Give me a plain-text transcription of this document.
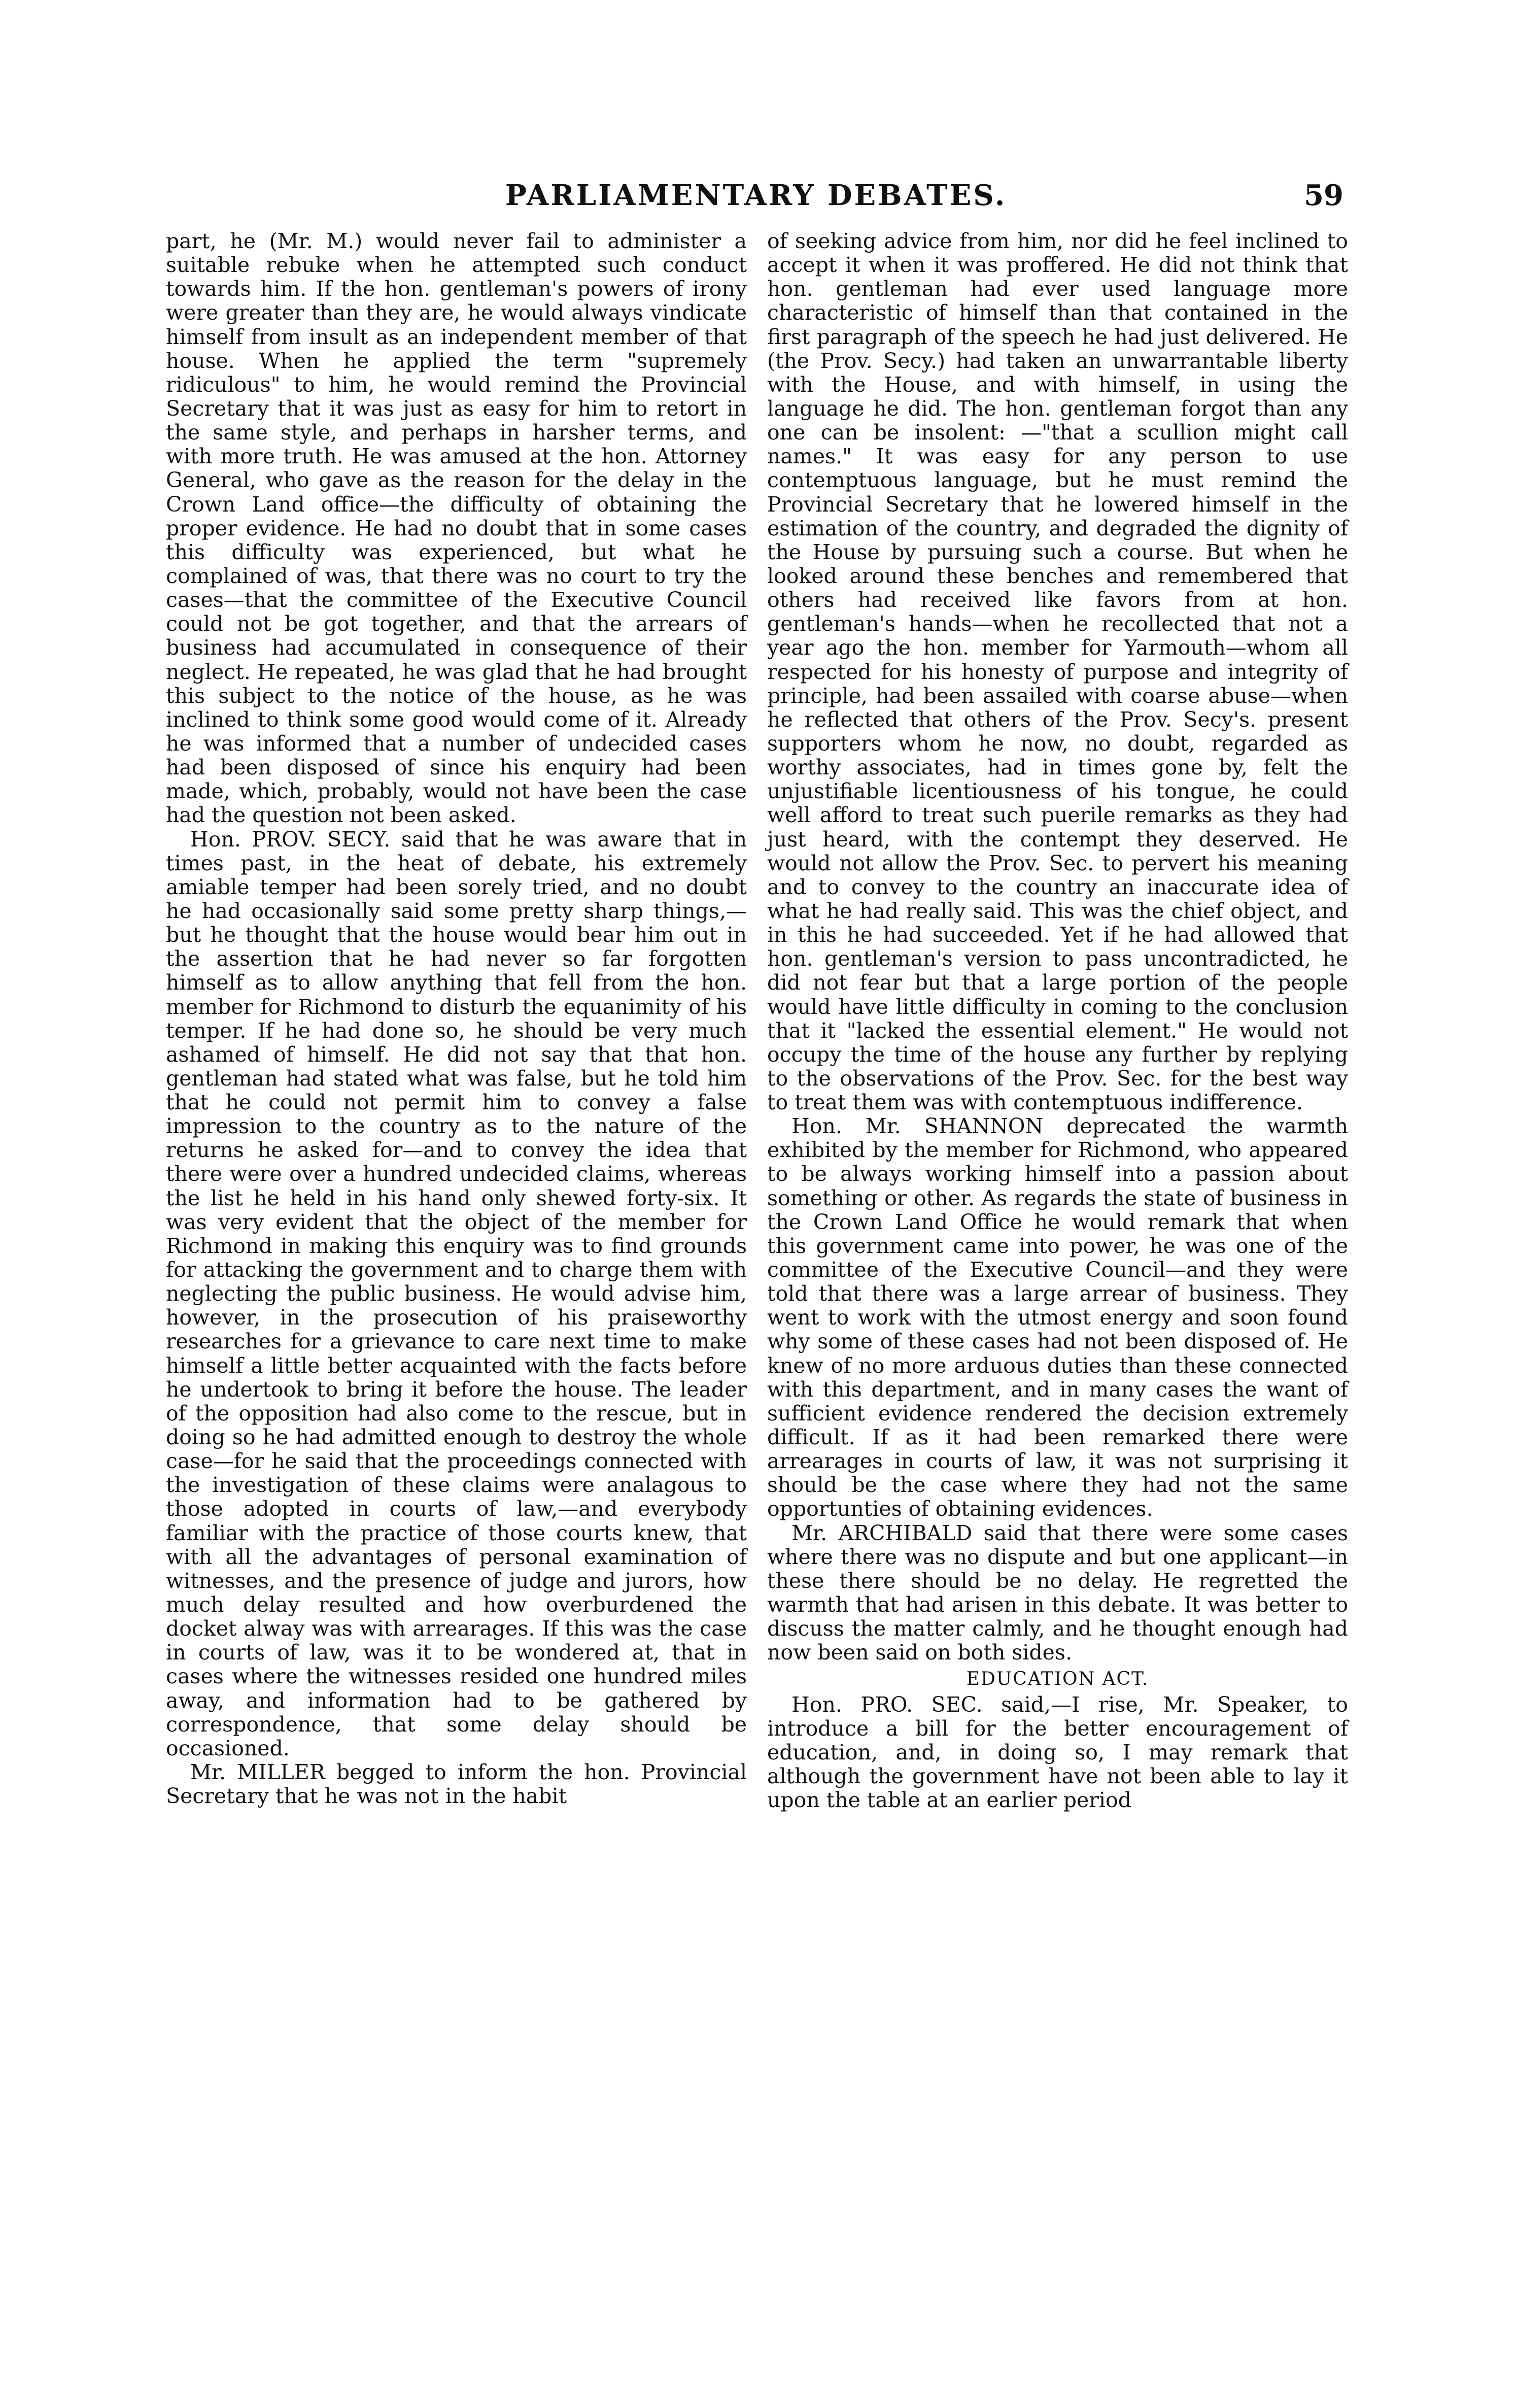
PARLIAMENTARY DEBATES.	59

part, he (Mr. M.) would never fail to administer a suitable rebuke when he attempted such conduct towards him. If the hon. gentleman's powers of irony were greater than they are, he would always vindicate himself from insult as an independent member of that house. When he applied the term "supremely ridiculous" to him, he would remind the Provincial Secretary that it was just as easy for him to retort in the same style, and perhaps in harsher terms, and with more truth. He was amused at the hon. Attorney General, who gave as the reason for the delay in the Crown Land office—the difficulty of obtaining the proper evidence. He had no doubt that in some cases this difficulty was experienced, but what he complained of was, that there was no court to try the cases—that the committee of the Executive Council could not be got together, and that the arrears of business had accumulated in consequence of their neglect. He repeated, he was glad that he had brought this subject to the notice of the house, as he was inclined to think some good would come of it. Already he was informed that a number of undecided cases had been disposed of since his enquiry had been made, which, probably, would not have been the case had the question not been asked.

Hon. PROV. SECY. said that he was aware that in times past, in the heat of debate, his extremely amiable temper had been sorely tried, and no doubt he had occasionally said some pretty sharp things,—but he thought that the house would bear him out in the assertion that he had never so far forgotten himself as to allow anything that fell from the hon. member for Richmond to disturb the equanimity of his temper. If he had done so, he should be very much ashamed of himself. He did not say that that hon. gentleman had stated what was false, but he told him that he could not permit him to convey a false impression to the country as to the nature of the returns he asked for—and to convey the idea that there were over a hundred undecided claims, whereas the list he held in his hand only shewed forty-six. It was very evident that the object of the member for Richmond in making this enquiry was to find grounds for attacking the government and to charge them with neglecting the public business. He would advise him, however, in the prosecution of his praiseworthy researches for a grievance to care next time to make himself a little better acquainted with the facts before he undertook to bring it before the house. The leader of the opposition had also come to the rescue, but in doing so he had admitted enough to destroy the whole case—for he said that the proceedings connected with the investigation of these claims were analagous to those adopted in courts of law,—and everybody familiar with the practice of those courts knew, that with all the advantages of personal examination of witnesses, and the presence of judge and jurors, how much delay resulted and how overburdened the docket alway was with arrearages. If this was the case in courts of law, was it to be wondered at, that in cases where the witnesses resided one hundred miles away, and information had to be gathered by correspondence, that some delay should be occasioned.

Mr. MILLER begged to inform the hon. Provincial Secretary that he was not in the habit

of seeking advice from him, nor did he feel inclined to accept it when it was proffered. He did not think that hon. gentleman had ever used language more characteristic of himself than that contained in the first paragraph of the speech he had just delivered. He (the Prov. Secy.) had taken an unwarrantable liberty with the House, and with himself, in using the language he did. The hon. gentleman forgot than any one can be insolent: —"that a scullion might call names." It was easy for any person to use contemptuous language, but he must remind the Provincial Secretary that he lowered himself in the estimation of the country, and degraded the dignity of the House by pursuing such a course. But when he looked around these benches and remembered that others had received like favors from at hon. gentleman's hands—when he recollected that not a year ago the hon. member for Yarmouth—whom all respected for his honesty of purpose and integrity of principle, had been assailed with coarse abuse—when he reflected that others of the Prov. Secy's. present supporters whom he now, no doubt, regarded as worthy associates, had in times gone by, felt the unjustifiable licentiousness of his tongue, he could well afford to treat such puerile remarks as they had just heard, with the contempt they deserved. He would not allow the Prov. Sec. to pervert his meaning and to convey to the country an inaccurate idea of what he had really said. This was the chief object, and in this he had succeeded. Yet if he had allowed that hon. gentleman's version to pass uncontradicted, he did not fear but that a large portion of the people would have little difficulty in coming to the conclusion that it "lacked the essential element." He would not occupy the time of the house any further by replying to the observations of the Prov. Sec. for the best way to treat them was with contemptuous indifference.

Hon. Mr. SHANNON deprecated the warmth exhibited by the member for Richmond, who appeared to be always working himself into a passion about something or other. As regards the state of business in the Crown Land Office he would remark that when this government came into power, he was one of the committee of the Executive Council—and they were told that there was a large arrear of business. They went to work with the utmost energy and soon found why some of these cases had not been disposed of. He knew of no more arduous duties than these connected with this department, and in many cases the want of sufficient evidence rendered the decision extremely difficult. If as it had been remarked there were arrearages in courts of law, it was not surprising it should be the case where they had not the same opportunties of obtaining evidences.

Mr. ARCHIBALD said that there were some cases where there was no dispute and but one applicant—in these there should be no delay. He regretted the warmth that had arisen in this debate. It was better to discuss the matter calmly, and he thought enough had now been said on both sides.

EDUCATION ACT.

Hon. PRO. SEC. said,—I rise, Mr. Speaker, to introduce a bill for the better encouragement of education, and, in doing so, I may remark that although the government have not been able to lay it upon the table at an earlier period
